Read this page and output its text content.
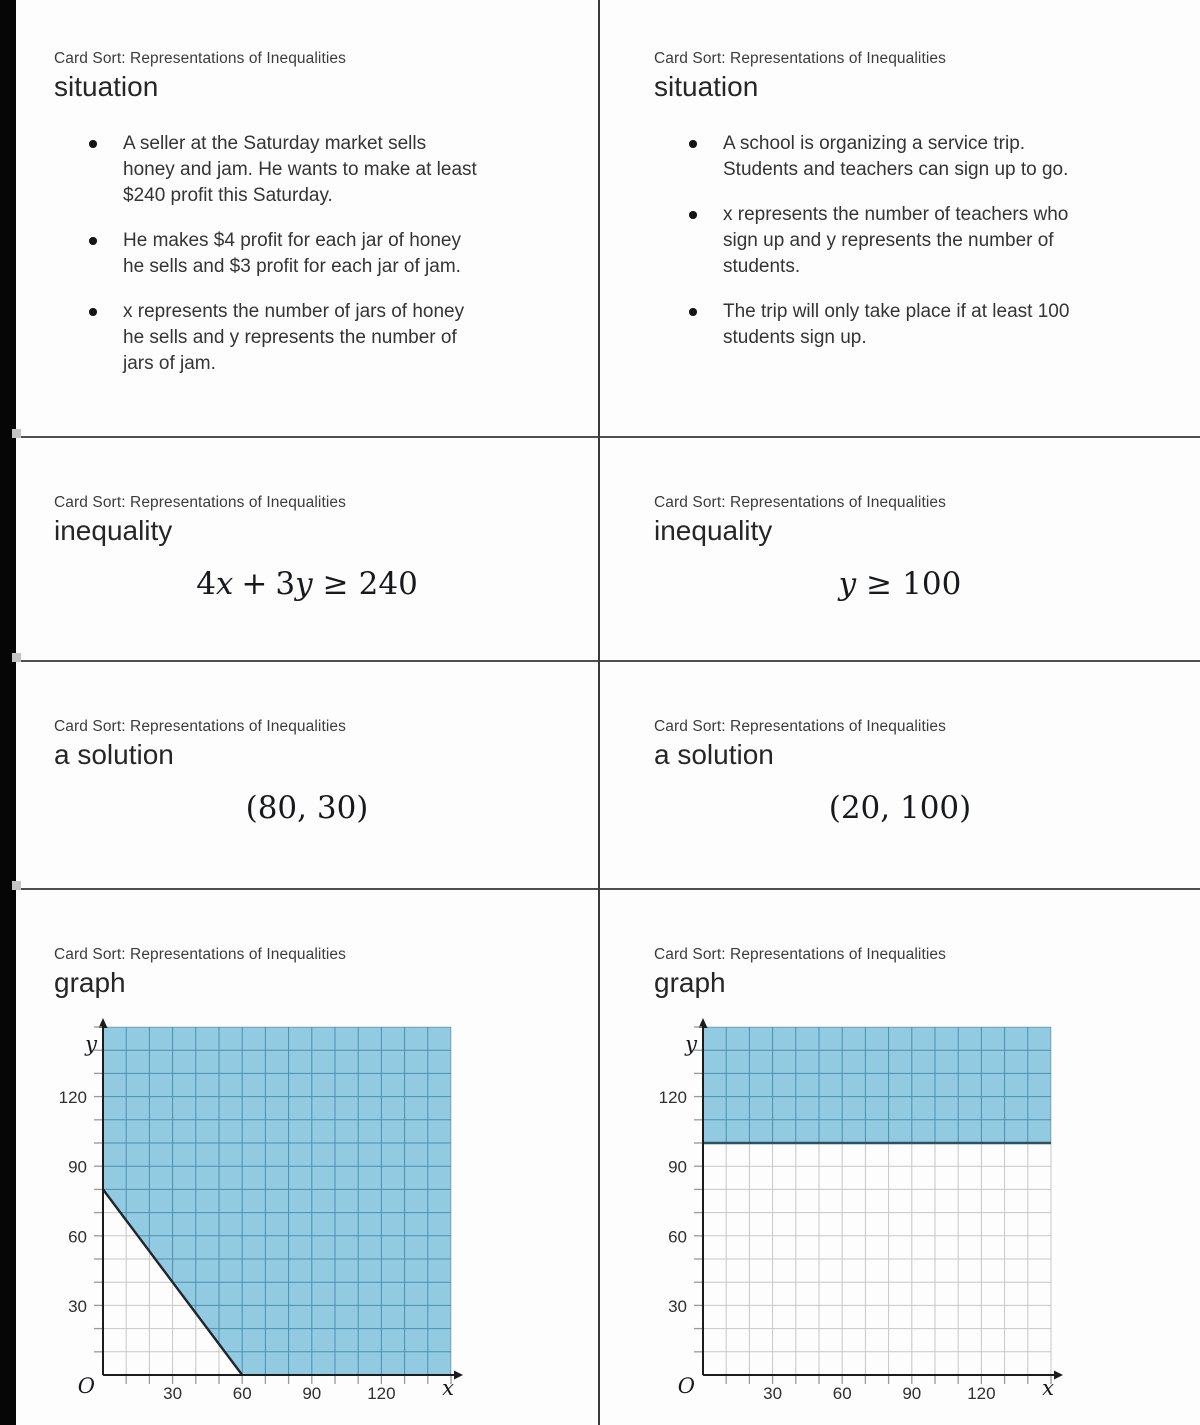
Card Sort: Representations of Inequalities
situation
A seller at the Saturday market sells
honey and jam. He wants to make at least
$240 profit this Saturday.
He makes $4 profit for each jar of honey
he sells and $3 profit for each jar of jam.
x represents the number of jars of honey
he sells and y represents the number of
jars of jam.
Card Sort: Representations of Inequalities
situation
A school is organizing a service trip.
Students and teachers can sign up to go.
x represents the number of teachers who
sign up and y represents the number of
students.
The trip will only take place if at least 100
students sign up.
Card Sort: Representations of Inequalities
inequality
4x + 3y ≥ 240
Card Sort: Representations of Inequalities
inequality
y ≥ 100
Card Sort: Representations of Inequalities
a solution
(80, 30)
Card Sort: Representations of Inequalities
a solution
(20, 100)
Card Sort: Representations of Inequalities
graph
30	60	90	120
30
60
90
120
y
x
O
Card Sort: Representations of Inequalities
graph
30	60	90	120
30
60
90
120
y
x
O
